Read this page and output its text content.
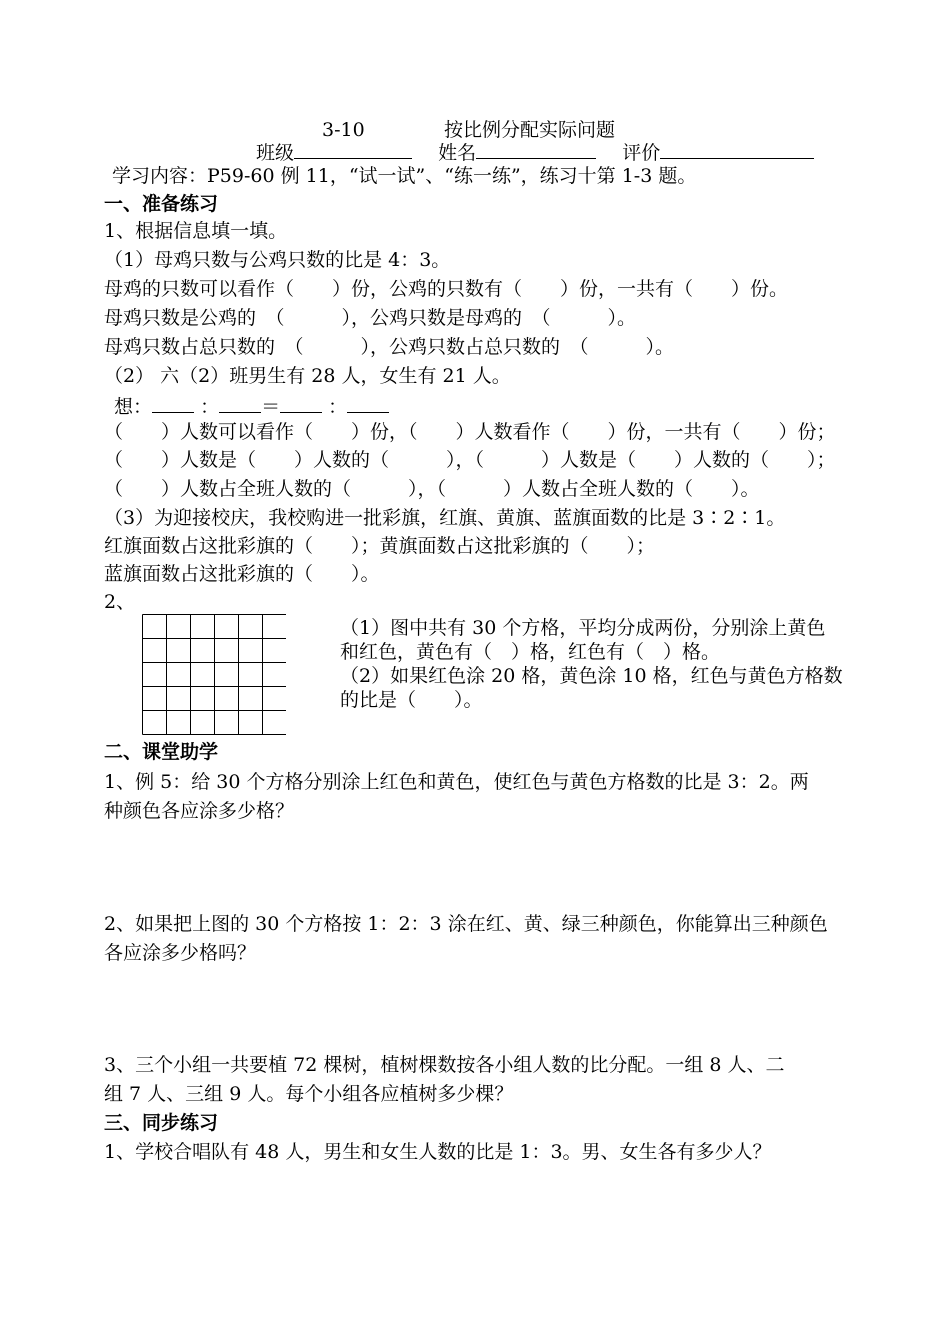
3-10	按比例分配实际问题
班级	姓名	评价
学习内容：P59-60 例 11，“试一试”、“练一练”，练习十第 1-3 题。
一、准备练习
1、根据信息填一填。
（1）母鸡只数与公鸡只数的比是 4：3。
母鸡的只数可以看作（　　）份，公鸡的只数有（　　）份，一共有（　　）份。
母鸡只数是公鸡的　（　　　），公鸡只数是母鸡的　（　　　）。
母鸡只数占总只数的　（　　　），公鸡只数占总只数的　（　　　）。
（2） 六（2）班男生有 28 人，女生有 21 人。
想：	： ＝	：
（　　）人数可以看作（　　）份，（　　）人数看作（　　）份，一共有（　　）份；
（　　）人数是（　　）人数的（　　　），（　　　）人数是（　　）人数的（　　）；
（　　）人数占全班人数的（　　　），（　　　）人数占全班人数的（　　）。
（3）为迎接校庆，我校购进一批彩旗，红旗、黄旗、蓝旗面数的比是 3∶2∶1。
红旗面数占这批彩旗的（　　）；黄旗面数占这批彩旗的（　　）；
蓝旗面数占这批彩旗的（　　）。
2、
（1）图中共有 30 个方格，平均分成两份，分别涂上黄色
和红色，黄色有（　）格，红色有（　）格。
（2）如果红色涂 20 格，黄色涂 10 格，红色与黄色方格数
的比是（　　）。
二、课堂助学
1、例 5：给 30 个方格分别涂上红色和黄色，使红色与黄色方格数的比是 3：2。两
种颜色各应涂多少格？
2、如果把上图的 30 个方格按 1：2：3 涂在红、黄、绿三种颜色，你能算出三种颜色
各应涂多少格吗？
3、三个小组一共要植 72 棵树，植树棵数按各小组人数的比分配。一组 8 人、二
组 7 人、三组 9 人。每个小组各应植树多少棵？
三、同步练习
1、学校合唱队有 48 人，男生和女生人数的比是 1：3。男、女生各有多少人？
